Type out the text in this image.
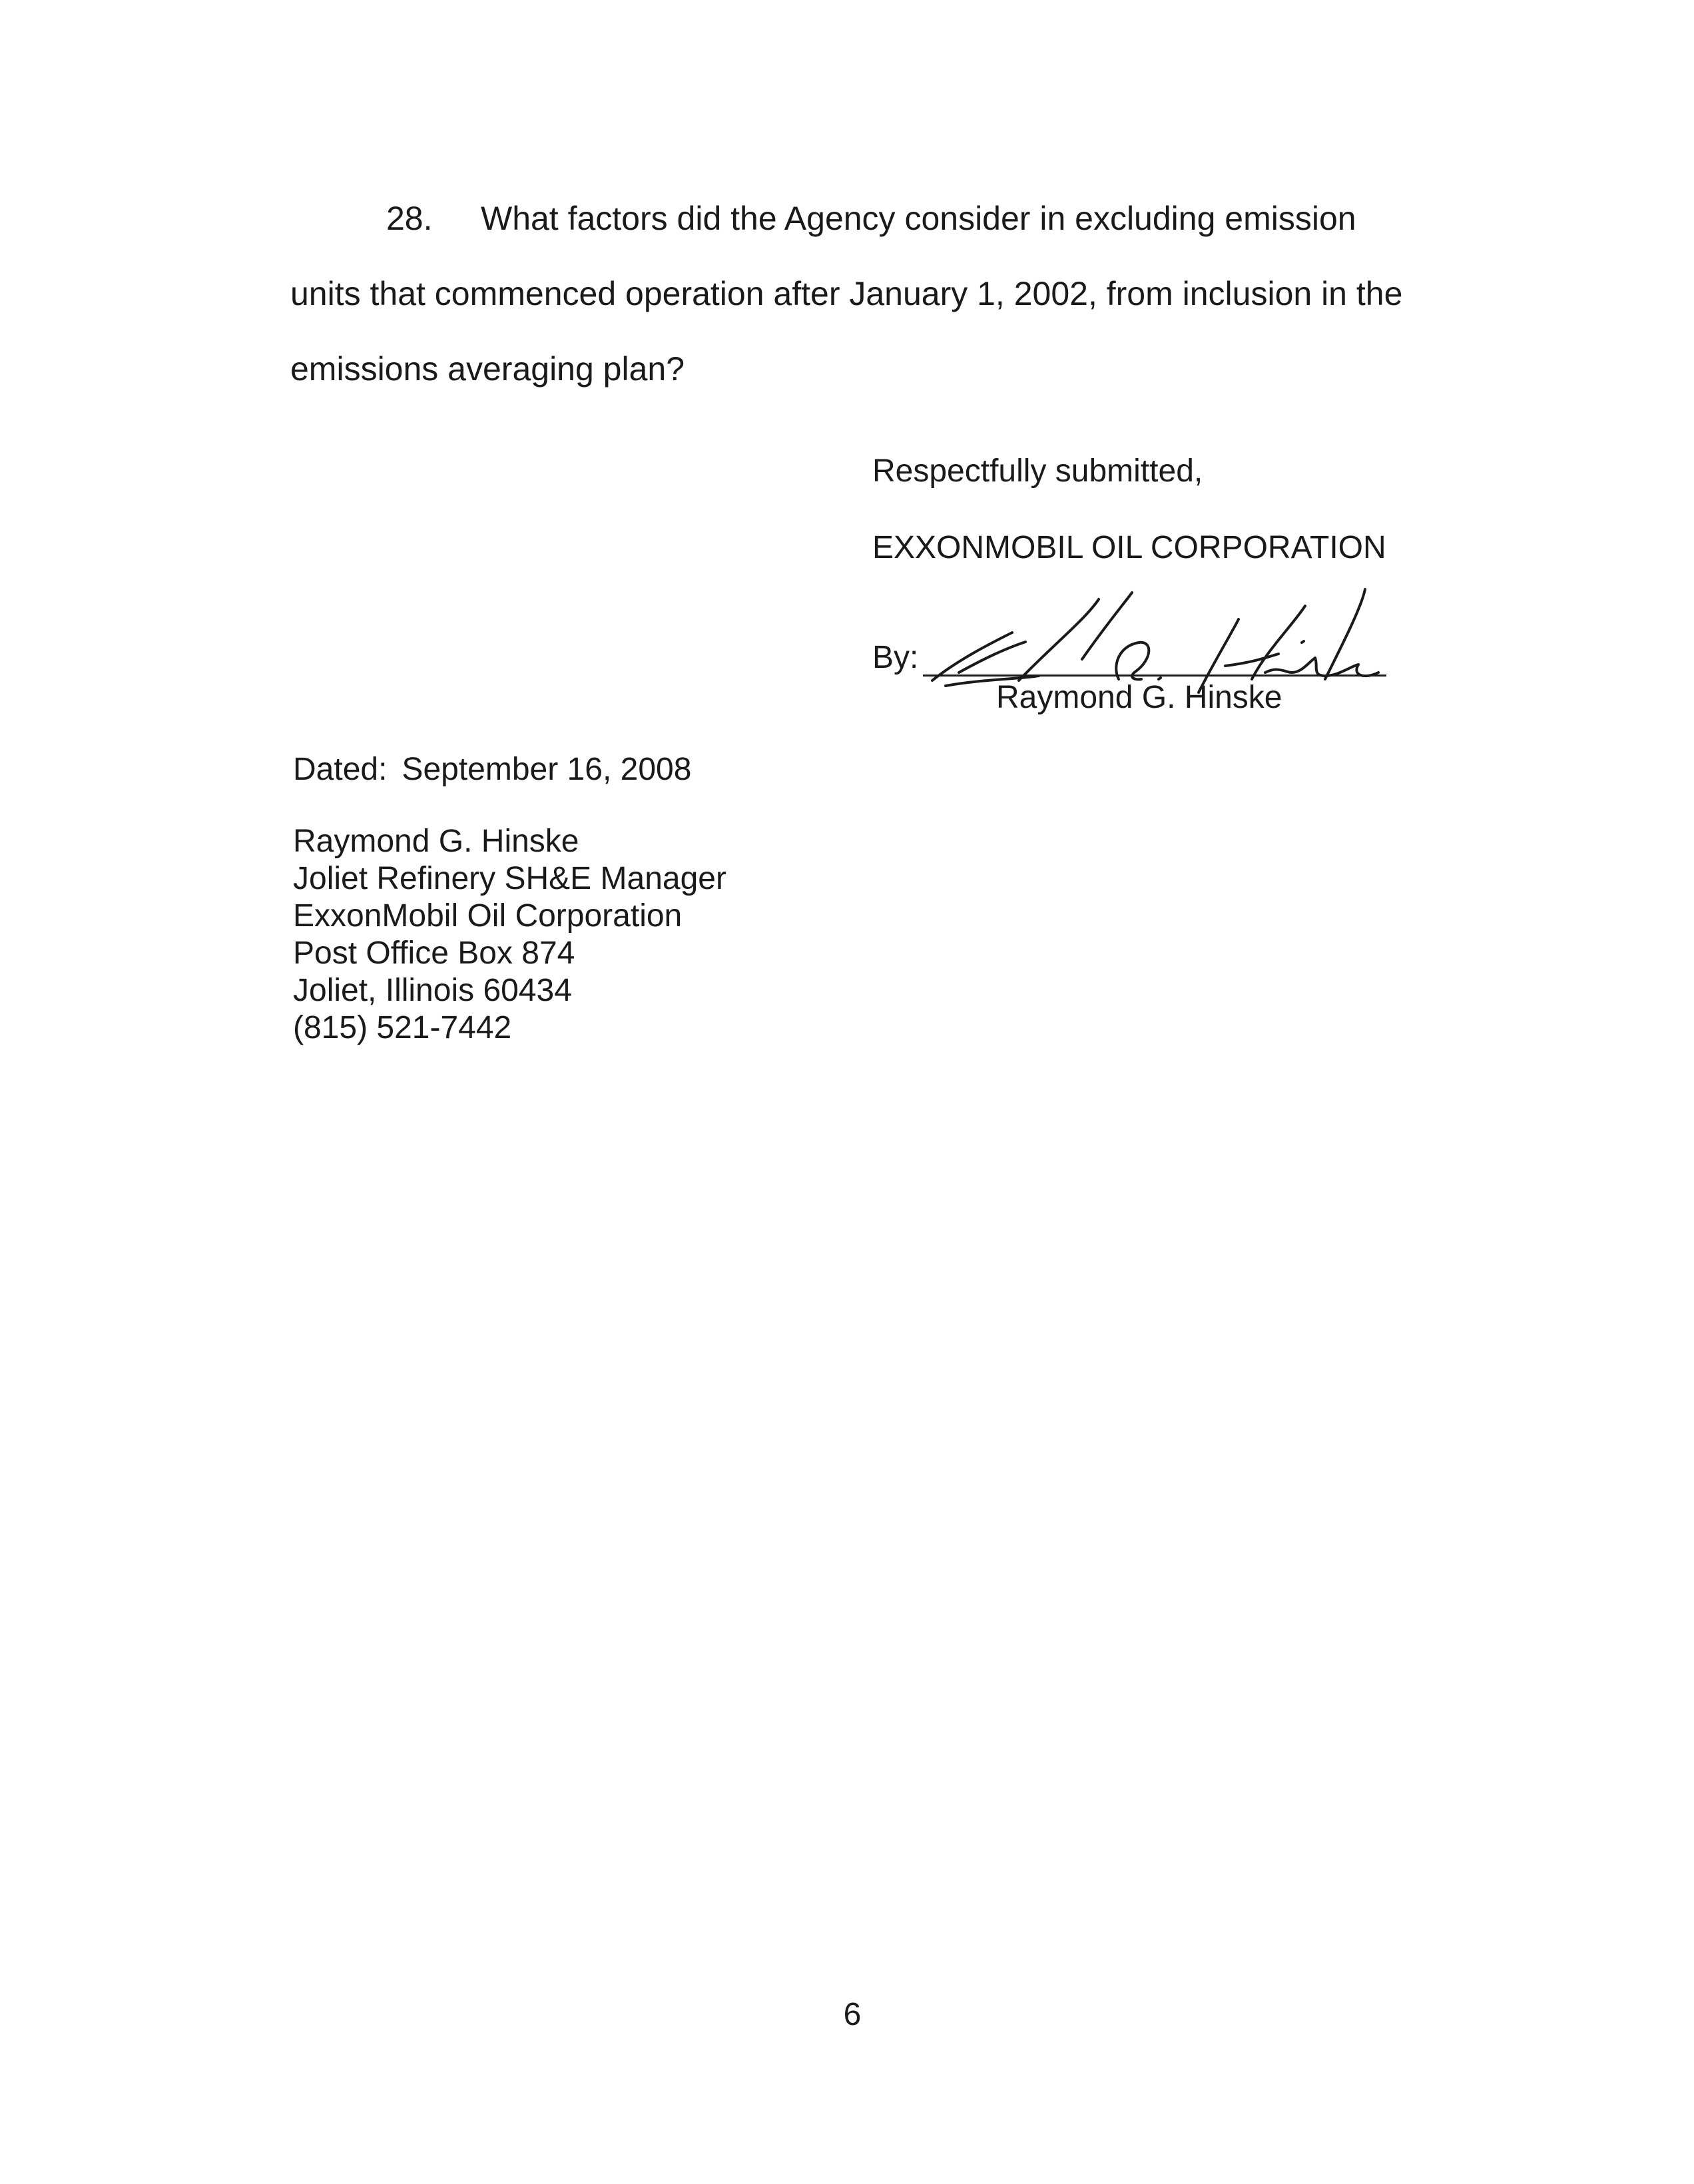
28. What factors did the Agency consider in excluding emission
units that commenced operation after January 1, 2002, from inclusion in the
emissions averaging plan?
Respectfully submitted,
EXXONMOBIL OIL CORPORATION
By:
Raymond G. Hinske
Dated: September 16, 2008
Raymond G. Hinske
Joliet Refinery SH&E Manager
ExxonMobil Oil Corporation
Post Office Box 874
Joliet, Illinois 60434
(815) 521-7442
6
